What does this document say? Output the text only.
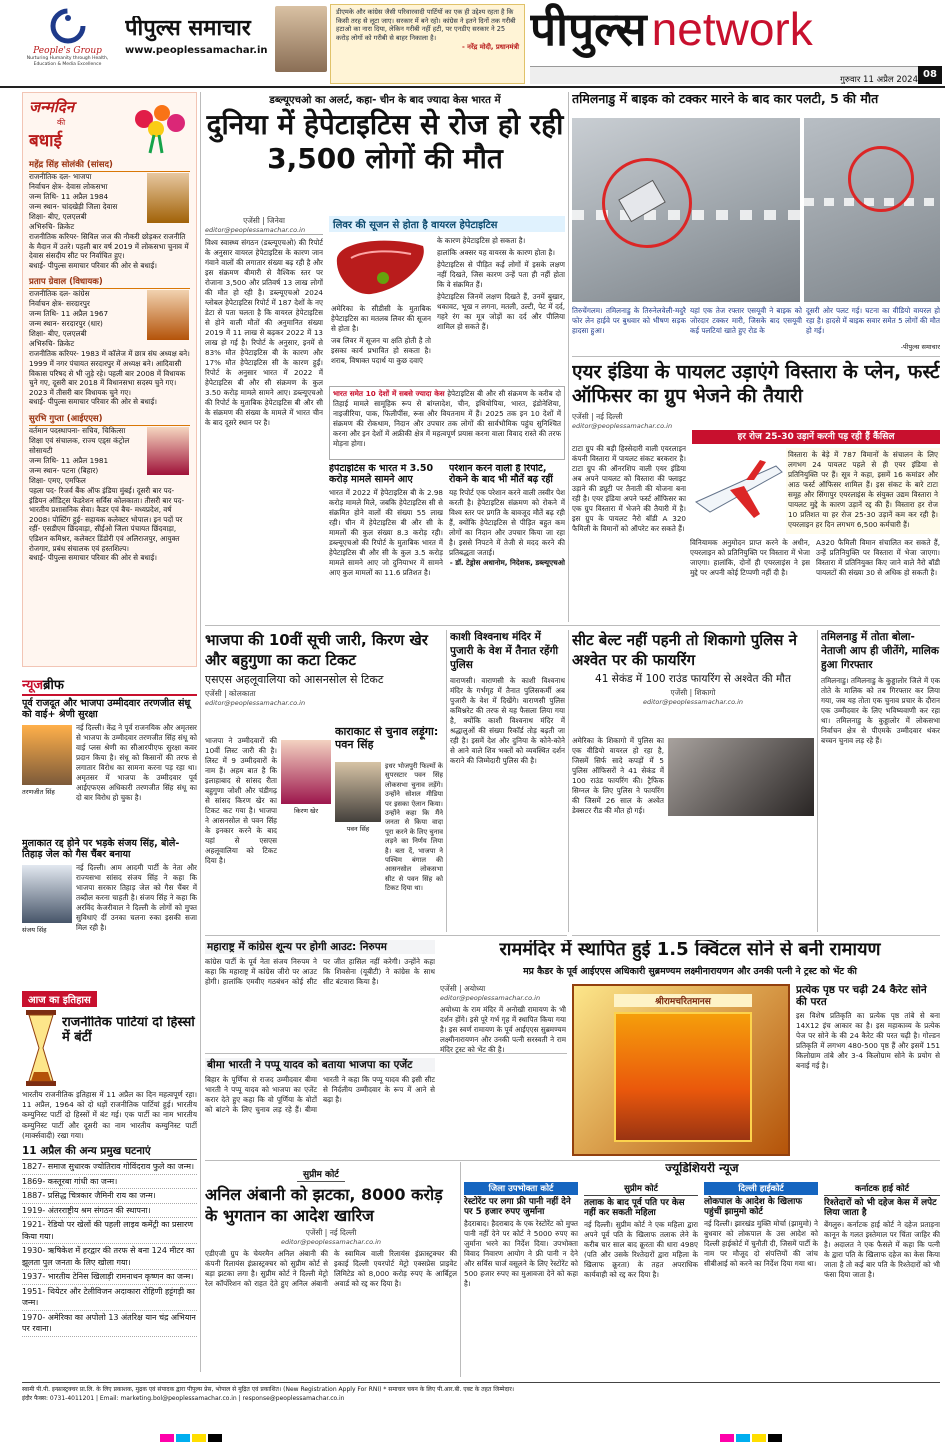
People's Group
Nurturing Humanity through Health, Education & Media Excellence
पीपुल्स समाचार
www.peoplessamachar.in
डीएमके और कांग्रेस जैसी परिवारवादी पार्टियों का एक ही उद्देश्य रहता है कि किसी तरह से लूटा जाए। सरकार में बने रहो। कांग्रेस ने इतने दिनों तक गरीबी हटाओ का नारा दिया, लेकिन गरीबी नहीं हटी, पर एनडीए सरकार ने 25 करोड़ लोगों को गरीबी से बाहर निकाला है।
- नरेंद्र मोदी, प्रधानमंत्री पीपुल्स network
गुरुवार 11 अप्रैल 2024 08
जन्मदिन
की
बधाई
महेंद्र सिंह सोलंकी (सांसद)
राजनीतिक दल- भाजपा
निर्वाचन क्षेत्र- देवास लोकसभा
जन्म तिथि- 11 अप्रैल 1984
जन्म स्थान- चांदखेड़ी जिला देवास
शिक्षा- बीए, एलएलबी
अभिरुचि- क्रिकेट
राजनीतिक करियर- सिविल जज की नौकरी छोड़कर राजनीति के मैदान में उतरे। पहली बार वर्ष 2019 में लोकसभा चुनाव में देवास संसदीय सीट पर निर्वाचित हुए।
बधाई- पीपुल्स समाचार परिवार की ओर से बधाई।
प्रताप ग्रेवाल (विधायक)
राजनीतिक दल- कांग्रेस
निर्वाचन क्षेत्र- सरदारपुर
जन्म तिथि- 11 अप्रैल 1967
जन्म स्थान- सरदारपुर (धार)
शिक्षा- बीए, एलएलबी
अभिरुचि- क्रिकेट
राजनीतिक करियर- 1983 में कॉलेज में छात्र संघ अध्यक्ष बने। 1999 में नगर पंचायत सरदारपुर में अध्यक्ष बने। आदिवासी विकास परिषद से भी जुड़े रहे। पहली बार 2008 में विधायक चुने गए, दूसरी बार 2018 में विधानसभा सदस्य चुने गए। 2023 में तीसरी बार विधायक चुने गए।
बधाई- पीपुल्स समाचार परिवार की ओर से बधाई।
सुरभि गुप्ता (आईएएस)
वर्तमान पदस्थापना- सचिव, चिकित्सा शिक्षा एवं संचालक, राज्य एड्स कंट्रोल सोसायटी
जन्म तिथि- 11 अप्रैल 1981
जन्म स्थान- पटना (बिहार)
शिक्षा- एमए, एमफिल
पहला पद- रिजर्व बैंक ऑफ इंडिया मुंबई। दूसरी बार पद- इंडियन ऑडिट्स फेडरेशन सर्विस कोलकाता। तीसरी बार पद- भारतीय प्रशासनिक सेवा। कैडर एवं बैच- मध्यप्रदेश, वर्ष 2008। पोस्टिंग हुई- सहायक कलेक्टर भोपाल। इन पदों पर रहीं- एसडीएम छिंदवाड़ा, सीईओ जिला पंचायत छिंदवाड़ा, एडिशन कमिश्नर, कलेक्टर डिंडोरी एवं अलिराजपुर, आयुक्त रोजगार, प्रबंध संचालक एवं हस्तशिल्प।
बधाई- पीपुल्स समाचार परिवार की ओर से बधाई।
न्यूजब्रीफ
पूर्व राजदूत और भाजपा उम्मीदवार तरणजीत संधू को वाई+ श्रेणी सुरक्षा
तरणजीत सिंह
नई दिल्ली। केंद्र ने पूर्व राजनयिक और अमृतसर से भाजपा के उम्मीदवार तरणजीत सिंह संधू को वाई प्लस श्रेणी का सीआरपीएफ सुरक्षा कवर प्रदान किया है। संधू को किसानों की तरफ से लगातार विरोध का सामना करना पड़ रहा था। अमृतसर में भाजपा के उम्मीदवार पूर्व आईएफएस अधिकारी तरणजीत सिंह संधू का दो बार विरोध हो चुका है।
मुलाकात रद्द होने पर भड़के संजय सिंह, बोले- तिहाड़ जेल को गैस चैंबर बनाया
संजय सिंह
नई दिल्ली। आम आदमी पार्टी के नेता और राज्यसभा सांसद संजय सिंह ने कहा कि भाजपा सरकार तिहाड़ जेल को गैस चैंबर में तब्दील करना चाहती है। संजय सिंह ने कहा कि अरविंद केजरीवाल ने दिल्ली के लोगों को मुफ्त सुविधाएं दीं उनका चलना रुका इसकी सजा मिल रही है।
आज का इतिहास
राजनीतिक पार्टियां दो हिस्सों में बंटीं
भारतीय राजनीतिक इतिहास में 11 अप्रैल का दिन महत्वपूर्ण रहा। 11 अप्रैल, 1964 को दो धड़ों राजनीतिक पार्टियां हुई। भारतीय कम्युनिस्ट पार्टी दो हिस्सों में बंट गई। एक पार्टी का नाम भारतीय कम्युनिस्ट पार्टी और दूसरी का नाम भारतीय कम्युनिस्ट पार्टी (मार्क्सवादी) रखा गया।
11 अप्रैल की अन्य प्रमुख घटनाएं
1827- समाज सुधारक ज्योतिराव गोविंदराव फुले का जन्म।
1869- कस्तूरबा गांधी का जन्म।
1887- प्रसिद्ध चित्रकार जैमिनी राय का जन्म।
1919- अंतरराष्ट्रीय श्रम संगठन की स्थापना।
1921- रेडियो पर खेलों की पहली लाइव कमेंट्री का प्रसारण किया गया।
1930- ऋषिकेश में हरद्वार की तरफ से बना 124 मीटर का झूलता पुल जनता के लिए खोला गया।
1937- भारतीय टेनिस खिलाड़ी रामनाथन कृष्णन का जन्म।
1951- थियेटर और टेलीविजन अदाकारा रोहिणी हट्टंगड़ी का जन्म।
1970- अमेरिका का अपोलो 13 अंतरिक्ष यान चंद्र अभियान पर रवाना।
डब्ल्यूएचओ का अलर्ट, कहा- चीन के बाद ज्यादा केस भारत में
दुनिया में हेपेटाइटिस से रोज हो रही 3,500 लोगों की मौत
एजेंसी | जिनेवा
editor@peoplessamachar.co.in
विश्व स्वास्थ्य संगठन (डब्ल्यूएचओ) की रिपोर्ट के अनुसार वायरल हेपेटाइटिस के कारण जान गंवाने वालों की लगातार संख्या बढ़ रही है और इस संक्रमण बीमारी से वैश्विक स्तर पर रोजाना 3,500 और प्रतिवर्ष 13 लाख लोगों की मौत हो रही है। डब्ल्यूएचओ 2024 ग्लोबल हेपेटाइटिस रिपोर्ट में 187 देशों के नए डेटा से पता चलता है कि वायरल हेपेटाइटिस से होने वाली मौतों की अनुमानित संख्या 2019 में 11 लाख से बढ़कर 2022 में 13 लाख हो गई है। रिपोर्ट के अनुसार, इनमें से 83% मौत हेपेटाइटिस बी के कारण और 17% मौत हेपेटाइटिस सी के कारण हुईं। रिपोर्ट के अनुसार भारत में 2022 में हेपेटाइटिस बी और सी संक्रमण के कुल 3.50 करोड़ मामले सामने आए। डब्ल्यूएचओ की रिपोर्ट के मुताबिक हेपेटाइटिस बी और सी के संक्रमण की संख्या के मामले में भारत चीन के बाद दूसरे स्थान पर है।
लिवर की सूजन से होता है वायरल हेपेटाइटिस
अमेरिका के सीडीसी के मुताबिक हेपेटाइटिस का मतलब लिवर की सूजन से होता है।
जब लिवर में सूजन या क्षति होती है तो इसका कार्य प्रभावित हो सकता है। शराब, विषाक्त पदार्थ या कुछ दवाएं
के कारण हेपेटाइटिस हो सकता है।
हालांकि अक्सर यह वायरस के कारण होता है।
हेपेटाइटिस से पीड़ित कई लोगों में इसके लक्षण नहीं दिखते, जिस कारण उन्हें पता ही नहीं होता कि वे संक्रमित हैं।
हेपेटाइटिस जिनमें लक्षण दिखते हैं, उनमें बुखार, थकावट, भूख न लगना, मतली, उल्टी, पेट में दर्द, गहरे रंग का मूत्र जोड़ों का दर्द और पीलिया शामिल हो सकते हैं।
भारत समेत 10 देशों में सबसे ज्यादा केस हेपेटाइटिस बी और सी संक्रमण के करीब दो तिहाई मामले सामूहिक रूप से बांग्लादेश, चीन, इथियोपिया, भारत, इंडोनेशिया, नाइजीरिया, पाक, फिलीपींस, रूस और वियतनाम में हैं। 2025 तक इन 10 देशों में संक्रमण की रोकथाम, निदान और उपचार तक लोगों की सार्वभौमिक पहुंच सुनिश्चित करना और इन देशों में अफ्रीकी क्षेत्र में महत्वपूर्ण प्रयास करना वाला विवाद रास्ते की तरफ मोड़ना होगा।
हेपेटाइटिस के भारत में 3.50 करोड़ मामले सामने आए
भारत में 2022 में हेपेटाइटिस बी के 2.98 करोड़ मामले मिले, जबकि हेपेटाइटिस सी से संक्रमित होने वालों की संख्या 55 लाख रही। चीन में हेपेटाइटिस बी और सी के मामलों की कुल संख्या 8.3 करोड़ रही। डब्ल्यूएचओ की रिपोर्ट के मुताबिक भारत में हेपेटाइटिस बी और सी के कुल 3.5 करोड़ मामले सामने आए जो दुनियाभर में सामने आए कुल मामलों का 11.6 प्रतिशत है।
परेशान करने वाली है रिपोर्ट, रोकने के बाद भी मौतें बढ़ रहीं
यह रिपोर्ट एक परेशान करने वाली तस्वीर पेश करती है। हेपेटाइटिस संक्रमण को रोकने में विश्व स्तर पर प्रगति के बावजूद मौतें बढ़ रही हैं, क्योंकि हेपेटाइटिस से पीड़ित बहुत कम लोगों का निदान और उपचार किया जा रहा है। इससे निपटने में तेजी से मदद करने की प्रतिबद्धता जताई।
- डॉ. टेड्रोस अधानोम, निदेशक, डब्ल्यूएचओ
तमिलनाडु में बाइक को टक्कर मारने के बाद कार पलटी, 5 की मौत
तिरुचेंगलम। तमिलनाडु के तिरुनेलवेली-मदुरै फोर लेन हाईवे पर बुधवार को भीषण सड़क हादसा हुआ।
यहां एक तेज रफ्तार एसयूवी ने बाइक को जोरदार टक्कर मारी, जिसके बाद एसयूवी कई पलटियां खाते हुए रोड के
दूसरी ओर पलट गई। घटना का वीडियो वायरल हो रहा है। हादसे में बाइक सवार समेत 5 लोगों की मौत हो गई।
-पीपुल्स समाचार
एयर इंडिया के पायलट उड़ाएंगे विस्तारा के प्लेन, फर्स्ट ऑफिसर का ग्रुप भेजने की तैयारी
एजेंसी | नई दिल्ली
editor@peoplessamachar.co.in
हर रोज 25-30 उड़ानें करनी पड़ रही हैं कैंसिल
विस्तारा के बेड़े में 787 विमानों के संचालन के लिए लगभग 24 पायलट पहले से ही एयर इंडिया से प्रतिनियुक्ति पर हैं। सूत्र ने कहा, इसमें 16 कमांडर और आठ फर्स्ट ऑफिसर शामिल हैं। इस संकट के बारे टाटा समूह और सिंगापुर एयरलाइंस के संयुक्त उद्यम विस्तारा ने पायलट मुद्दे के कारण उड़ानें रद्द की हैं। विस्तारा हर रोज 10 प्रतिशत या हर रोज 25-30 उड़ानें कम कर रही है। एयरलाइन हर दिन लगभग 6,500 कर्मचारी हैं।
टाटा ग्रुप की बड़ी हिस्सेदारी वाली एयरलाइन कंपनी विस्तारा में पायलट संकट बरकरार है। टाटा ग्रुप की ऑनरशिप वाली एयर इंडिया अब अपने पायलट को विस्तारा की फ्लाइट उड़ाने की ड्यूटी पर तैनाती की योजना बना रही है। एयर इंडिया अपने फर्स्ट ऑफिसर का एक ग्रुप विस्तारा में भेजने की तैयारी में है। इस ग्रुप के पायलट नैरो बॉडी A 320 फैमिली के विमानों को ऑपरेट कर सकते हैं।
विनियामक अनुमोदन प्राप्त करने के अधीन, एयरलाइन को प्रतिनियुक्ति पर विस्तारा में भेजा जाएगा। हालांकि, दोनों ही एयरलाइंस ने इस मुद्दे पर अपनी कोई टिप्पणी नहीं दी है।
A320 फैमिली विमान संचालित कर सकते हैं, उन्हें प्रतिनियुक्ति पर विस्तारा में भेजा जाएगा। विस्तारा में प्रतिनियुक्त किए जाने वाले नैरो बॉडी पायलटों की संख्या 30 से अधिक हो सकती है।
भाजपा की 10वीं सूची जारी, किरण खेर और बहुगुणा का कटा टिकट
एसएस अहलूवालिया को आसनसोल से टिकट
एजेंसी | कोलकाता
editor@peoplessamachar.co.in
भाजपा ने उम्मीदवारों की 10वीं लिस्ट जारी की है। लिस्ट में 9 उम्मीदवारों के नाम हैं। अहम बात है कि इलाहाबाद से सांसद रीता बहुगुणा जोशी और चंडीगढ़ से सांसद किरण खेर का टिकट कट गया है। भाजपा ने आसनसोल से पवन सिंह के इनकार करने के बाद यहां से एसएस अहलूवालिया को टिकट दिया है।
किरण खेर
काराकाट से चुनाव लड़ूंगा: पवन सिंह
पवन सिंह
इधर भोजपुरी फिल्मों के सुपरस्टार पवन सिंह लोकसभा चुनाव लड़ेंगे। उन्होंने सोशल मीडिया पर इसका ऐलान किया। उन्होंने कहा कि मैंने जनता से किया वादा पूरा करने के लिए चुनाव लड़ने का निर्णय लिया है। बता दें, भाजपा ने पश्चिम बंगाल की आसनसोल लोकसभा सीट से पवन सिंह को टिकट दिया था।
काशी विश्वनाथ मंदिर में पुजारी के वेश में तैनात रहेंगी पुलिस
वाराणसी। वाराणसी के काशी विश्वनाथ मंदिर के गर्भगृह में तैनात पुलिसकर्मी अब पुजारी के वेश में दिखेंगे। वाराणसी पुलिस कमिश्नरेट की तरफ से यह फैसला लिया गया है, क्योंकि काशी विश्वनाथ मंदिर में श्रद्धालुओं की संख्या रिकॉर्ड तोड़ बढ़ती जा रही है। इसमें देश और दुनिया के कोने-कोने से आने वाले शिव भक्तों को व्यवस्थित दर्शन कराने की जिम्मेदारी पुलिस की है।
सीट बेल्ट नहीं पहनी तो शिकागो पुलिस ने अश्वेत पर की फायरिंग
41 सेकंड में 100 राउंड फायरिंग से अश्वेत की मौत
एजेंसी | शिकागो
editor@peoplessamachar.co.in
अमेरिका के शिकागो में पुलिस का एक वीडियो वायरल हो रहा है, जिसमें सिर्फ सादे कपड़ों में 5 पुलिस ऑफिसरों ने 41 सेकंड में 100 राउंड फायरिंग की। ट्रैफिक सिग्नल के लिए पुलिस ने फायरिंग की जिसमें 26 साल के अश्वेत डेक्सटर रीड की मौत हो गई।
तमिलनाडु में तोता बोला- नेताजी आप ही जीतेंगे, मालिक हुआ गिरफ्तार
तमिलनाडु। तमिलनाडु के कुड्डालोर जिले में एक तोते के मालिक को तब गिरफ्तार कर लिया गया, जब यह तोता एक चुनाव प्रचार के दौरान एक उम्मीदवार के लिए भविष्यवाणी कर रहा था। तमिलनाडु के कुड्डालोर में लोकसभा निर्वाचन क्षेत्र से पीएमके उम्मीदवार थंकर बच्चन चुनाव लड़ रहे हैं।
महाराष्ट्र में कांग्रेस शून्य पर होगी आउट: निरुपम
कांग्रेस पार्टी के पूर्व नेता संजय निरुपम ने कहा कि महाराष्ट्र में कांग्रेस जीरो पर आउट होगी। हालांकि एमवीए गठबंधन कोई सीट पर जीत हासिल नहीं करेगी। उन्होंने कहा कि शिवसेना (यूबीटी) ने कांग्रेस के साथ सीट बंटवारा किया है।
बीमा भारती ने पप्पू यादव को बताया भाजपा का एजेंट
बिहार के पूर्णिया से राजद उम्मीदवार बीमा भारती ने पप्पू यादव को भाजपा का एजेंट करार देते हुए कहा कि वो पूर्णिया के वोटों को बांटने के लिए चुनाव लड़ रहे हैं। बीमा भारती ने कहा कि पप्पू यादव की इसी सीट से निर्दलीय उम्मीदवार के रूप में आने से बढ़ा है।
राममंदिर में स्थापित हुई 1.5 क्विंटल सोने से बनी रामायण
मप्र कैडर के पूर्व आईएएस अधिकारी सुब्रमण्यम लक्ष्मीनारायणन और उनकी पत्नी ने ट्रस्ट को भेंट की
एजेंसी | अयोध्या
editor@peoplessamachar.co.in
अयोध्या के राम मंदिर में अनोखी रामायण के भी दर्शन होंगे। इसे पूरे गर्भ गृह में स्थापित किया गया है। इस स्वर्ण रामायण के पूर्व आईएएस सुब्रमण्यम लक्ष्मीनारायणन और उनकी पत्नी सरस्वती ने राम मंदिर ट्रस्ट को भेंट की है।
श्रीरामचरितमानस
प्रत्येक पृष्ठ पर चढ़ी 24 कैरेट सोने की परत
इस विशेष प्रतिकृति का प्रत्येक पृष्ठ तांबे से बना 14X12 इंच आकार का है। इस महाकाव्य के प्रत्येक पेज पर सोने के की 24 कैरेट की परत चढ़ी है। गोल्डन प्रतिकृति में लगभग 480-500 पृष्ठ हैं और इसमें 151 किलोग्राम तांबे और 3-4 किलोग्राम सोने के प्रयोग से बनाई गई है।
सुप्रीम कोर्ट
अनिल अंबानी को झटका, 8000 करोड़ के भुगतान का आदेश खारिज
एजेंसी | नई दिल्ली
editor@peoplessamachar.co.in
एडीएजी ग्रुप के चेयरमैन अनिल अंबानी की कंपनी रिलायंस इंफ्रास्ट्रक्चर को सुप्रीम कोर्ट से बड़ा झटका लगा है। सुप्रीम कोर्ट ने दिल्ली मेट्रो रेल कॉर्पोरेशन को राहत देते हुए अनिल अंबानी के स्वामित्व वाली रिलायंस इंफ्रास्ट्रक्चर की इकाई दिल्ली एयरपोर्ट मेट्रो एक्सप्रेस प्राइवेट लिमिटेड को 8,000 करोड़ रुपए के आर्बिट्रल अवार्ड को रद्द कर दिया है।
ज्यूडिशियरी न्यूज
जिला उपभोक्ता कोर्ट
रेस्टोरेंट पर लगा फ्री पानी नहीं देने पर 5 हजार रुपए जुर्माना
हैदराबाद। हैदराबाद के एक रेस्टोरेंट को मुफ्त पानी नहीं देने पर कोर्ट ने 5000 रुपए का जुर्माना भरने का निर्देश दिया। उपभोक्ता विवाद निवारण आयोग ने फ्री पानी न देने और सर्विस चार्ज वसूलने के लिए रेस्टोरेंट को 500 हजार रुपए का मुआवजा देने को कहा है।
सुप्रीम कोर्ट
तलाक के बाद पूर्व पति पर केस नहीं कर सकती महिला
नई दिल्ली। सुप्रीम कोर्ट ने एक महिला द्वारा अपने पूर्व पति के खिलाफ तलाक लेने के करीब चार साल बाद क्रूरता की धारा 498ए (पति और उसके रिश्तेदारों द्वारा महिला के खिलाफ क्रूरता) के तहत अपराधिक कार्यवाही को रद्द कर दिया है।
दिल्ली हाईकोर्ट
लोकपाल के आदेश के खिलाफ पहुंचीं झामुमो कोर्ट
नई दिल्ली। झारखंड मुक्ति मोर्चा (झामुमो) ने बुधवार को लोकपाल के उस आदेश को दिल्ली हाईकोर्ट में चुनौती दी, जिसमें पार्टी के नाम पर मौजूद दो संपत्तियों की जांच सीबीआई को करने का निर्देश दिया गया था।
कर्नाटक हाई कोर्ट
रिश्तेदारों को भी दहेज केस में लपेट लिया जाता है
बेंगलुरु। कर्नाटक हाई कोर्ट ने दहेज प्रताड़ना कानून के गलत इस्तेमाल पर चिंता जाहिर की है। अदालत ने एक फैसले में कहा कि पत्नी के द्वारा पति के खिलाफ दहेज का केस किया जाता है तो कई बार पति के रिश्तेदारों को भी फंसा दिया जाता है।
स्वामी पी.पी. इन्फ्रास्ट्रक्चर प्रा.लि. के लिए प्रकाशक, मुद्रक एवं संपादक द्वारा पीपुल्स प्रेस, भोपाल से मुद्रित एवं प्रकाशित। (New Registration Apply For RNI) * समाचार चयन के लिए पी.आर.बी. एक्ट के तहत जिम्मेदार।
इंदौर फैक्स: 0731-4011201 | Email: marketing.bol@peoplessamachar.co.in | response@peoplessamachar.co.in
